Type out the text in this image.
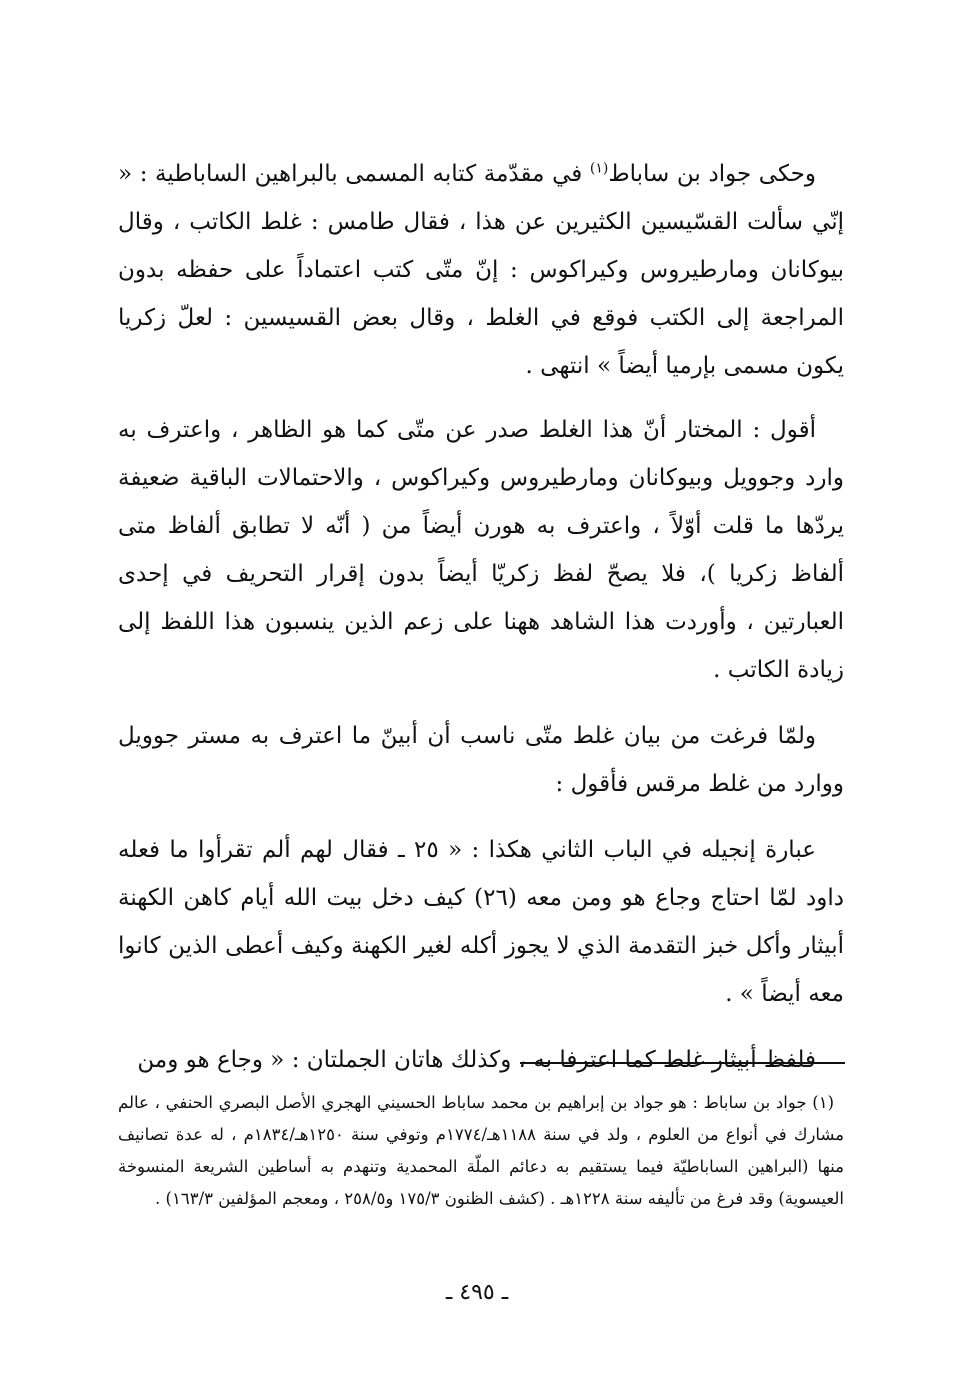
وحكى جواد بن ساباط$^{(١)}$ في مقدّمة كتابه المسمى بالبراهين الساباطية : « إنّي سألت القسّيسين الكثيرين عن هذا ، فقال طامس : غلط الكاتب ، وقال بيوكانان ومارطيروس وكيراكوس : إنّ متّى كتب اعتماداً على حفظه بدون المراجعة إلى الكتب فوقع في الغلط ، وقال بعض القسيسين : لعلّ زكريا يكون مسمى بإرميا أيضاً » انتهى .

أقول : المختار أنّ هذا الغلط صدر عن متّى كما هو الظاهر ، واعترف به وارد وجوويل وبيوكانان ومارطيروس وكيراكوس ، والاحتمالات الباقية ضعيفة يردّها ما قلت أوّلاً ، واعترف به هورن أيضاً من ( أنّه لا تطابق ألفاظ متى ألفاظ زكريا )، فلا يصحّ لفظ زكريّا أيضاً بدون إقرار التحريف في إحدى العبارتين ، وأوردت هذا الشاهد ههنا على زعم الذين ينسبون هذا اللفظ إلى زيادة الكاتب .

ولمّا فرغت من بيان غلط متّى ناسب أن أبينّ ما اعترف به مستر جوويل ووارد من غلط مرقس فأقول :

عبارة إنجيله في الباب الثاني هكذا : « ٢٥ ـ فقال لهم ألم تقرأوا ما فعله داود لمّا احتاج وجاع هو ومن معه (٢٦) كيف دخل بيت الله أيام كاهن الكهنة أبيثار وأكل خبز التقدمة الذي لا يجوز أكله لغير الكهنة وكيف أعطى الذين كانوا معه أيضاً » .

فلفظ أبيثار غلط كما اعترفا به ، وكذلك هاتان الجملتان : « وجاع هو ومن

(١) جواد بن ساباط : هو جواد بن إبراهيم بن محمد ساباط الحسيني الهجري الأصل البصري الحنفي ، عالم مشارك في أنواع من العلوم ، ولد في سنة ١١٨٨هـ/١٧٧٤م وتوفي سنة ١٢٥٠هـ/١٨٣٤م ، له عدة تصانيف منها (البراهين الساباطيّة فيما يستقيم به دعائم الملّة المحمدية وتنهدم به أساطين الشريعة المنسوخة العيسوية) وقد فرغ من تأليفه سنة ١٢٢٨هـ . (كشف الظنون ١٧٥/٣ و٢٥٨/٥ ، ومعجم المؤلفين ١٦٣/٣) .

ـ ٤٩٥ ـ
